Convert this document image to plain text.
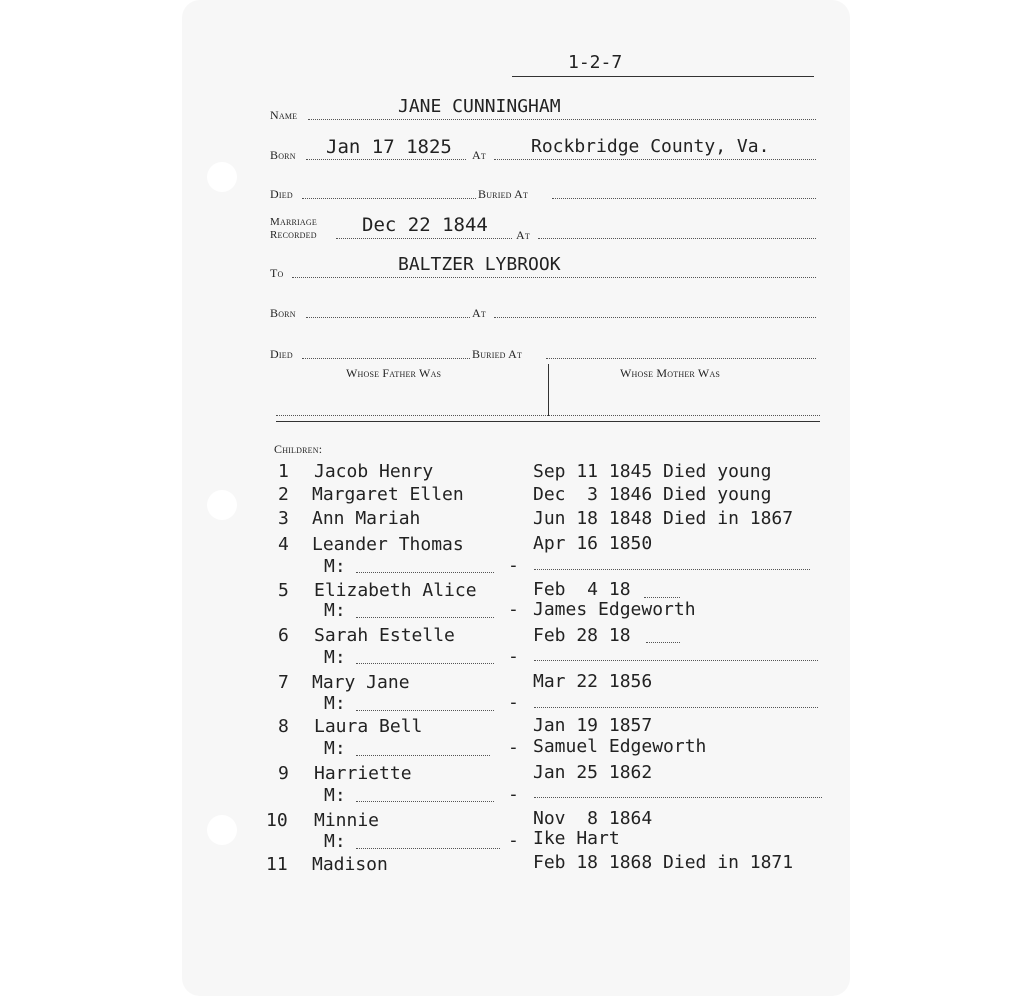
1-2-7
Name	JANE CUNNINGHAM
Born Jan 17 1825 At	Rockbridge County, Va.
Died	Buried At
Marriage
Recorded Dec 22 1844 At
To	BALTZER LYBROOK
Born	At
Died	Buried At
Whose Father Was	Whose Mother Was
Children:
1 Jacob Henry	Sep 11 1845 Died young
2 Margaret Ellen	Dec  3 1846 Died young
3 Ann Mariah	Jun 18 1848 Died in 1867
4 Leander Thomas	Apr 16 1850
M:	-
5 Elizabeth Alice	Feb  4 18
M:	- James Edgeworth
6 Sarah Estelle	Feb 28 18
M:	-
7 Mary Jane	Mar 22 1856
M:	-
8 Laura Bell	Jan 19 1857
M:	- Samuel Edgeworth
9 Harriette	Jan 25 1862
M:	-
10 Minnie	Nov  8 1864
M:	- Ike Hart
11 Madison	Feb 18 1868 Died in 1871
